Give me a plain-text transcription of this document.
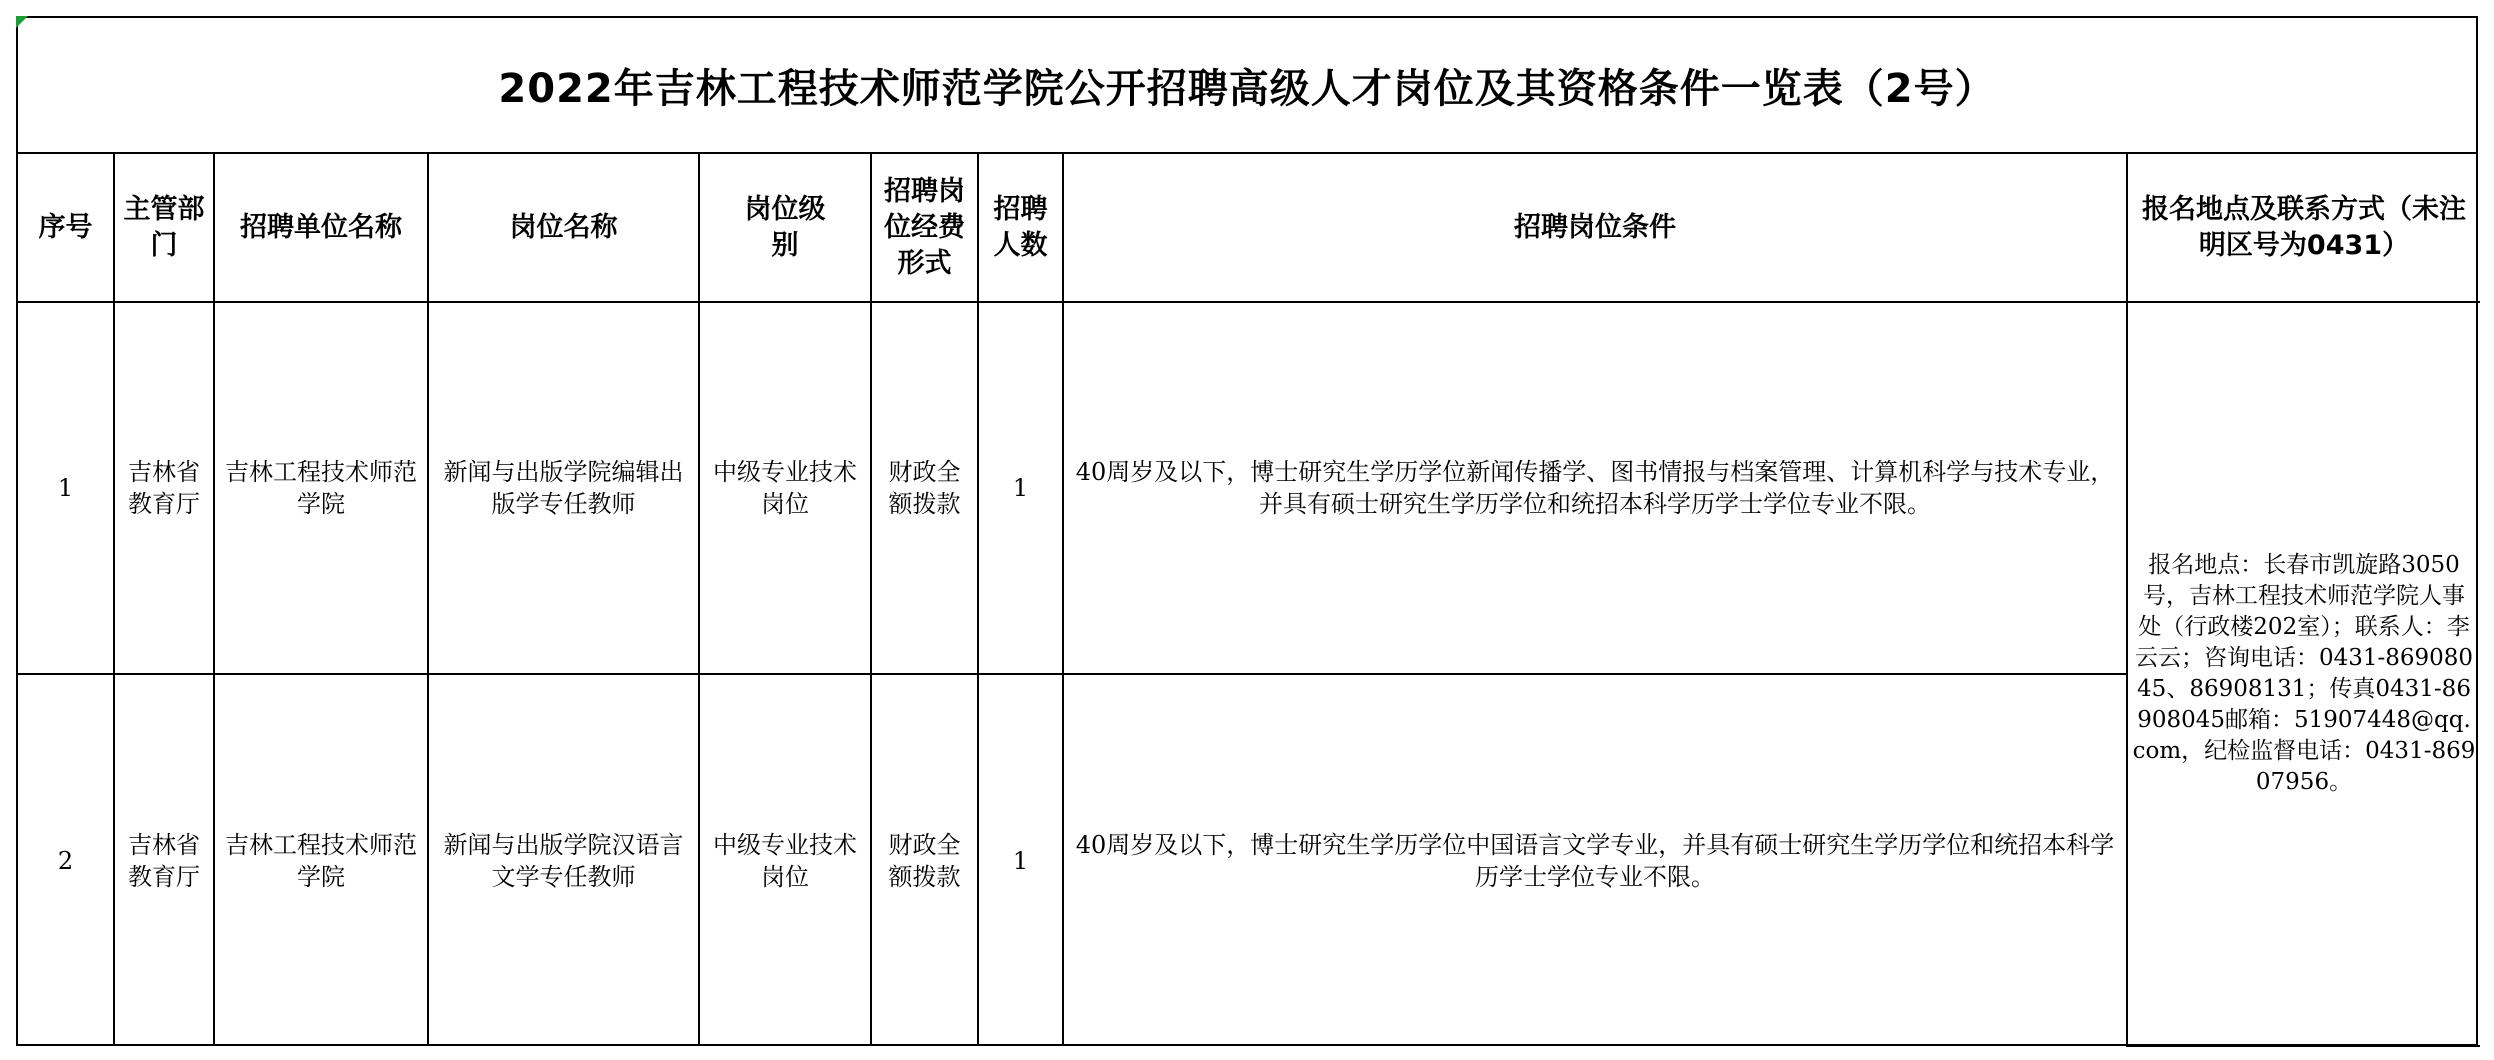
2022年吉林工程技术师范学院公开招聘高级人才岗位及其资格条件一览表（2号）
序号	主管部门	招聘单位名称	岗位名称	岗位级别	招聘岗位经费形式	招聘人数	招聘岗位条件	报名地点及联系方式（未注明区号为0431）
1	吉林省教育厅	吉林工程技术师范学院	新闻与出版学院编辑出版学专任教师	中级专业技术岗位	财政全额拨款	1	40周岁及以下，博士研究生学历学位新闻传播学、图书情报与档案管理、计算机科学与技术专业，并具有硕士研究生学历学位和统招本科学历学士学位专业不限。	报名地点：长春市凯旋路3050号，吉林工程技术师范学院人事处（行政楼202室）；联系人：李云云；咨询电话：0431-86908045、86908131；传真0431-86908045邮箱：51907448@qq.com，纪检监督电话：0431-86907956。
2	吉林省教育厅	吉林工程技术师范学院	新闻与出版学院汉语言文学专任教师	中级专业技术岗位	财政全额拨款	1	40周岁及以下，博士研究生学历学位中国语言文学专业，并具有硕士研究生学历学位和统招本科学历学士学位专业不限。	
